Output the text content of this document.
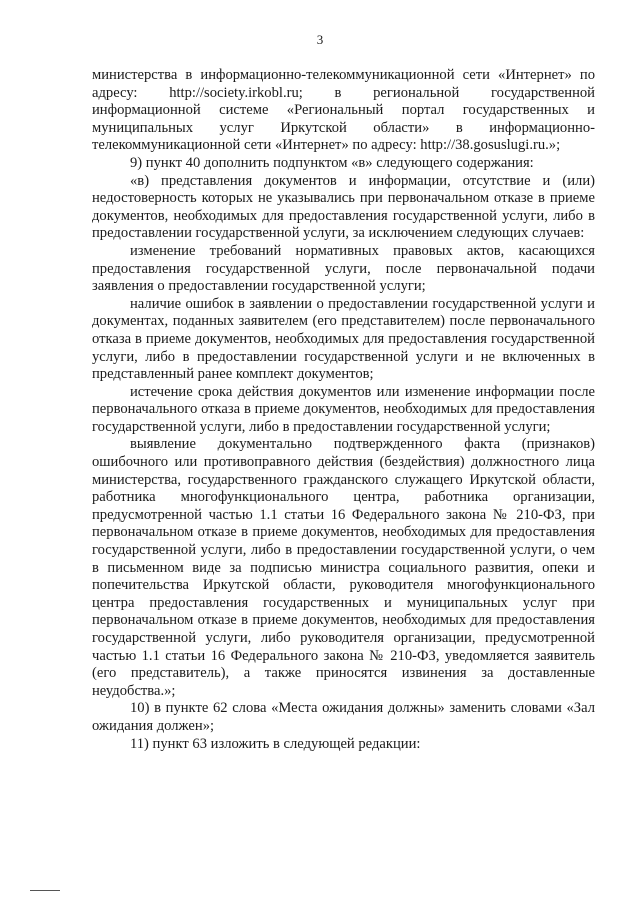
3

министерства в информационно-телекоммуникационной сети «Интернет» по адресу: http://society.irkobl.ru; в региональной государственной информационной системе «Региональный портал государственных и муниципальных услуг Иркутской области» в информационно-телекоммуникационной сети «Интернет» по адресу: http://38.gosuslugi.ru.»;

9) пункт 40 дополнить подпунктом «в» следующего содержания:

«в) представления документов и информации, отсутствие и (или) недостоверность которых не указывались при первоначальном отказе в приеме документов, необходимых для предоставления государственной услуги, либо в предоставлении государственной услуги, за исключением следующих случаев:

изменение требований нормативных правовых актов, касающихся предоставления государственной услуги, после первоначальной подачи заявления о предоставлении государственной услуги;

наличие ошибок в заявлении о предоставлении государственной услуги и документах, поданных заявителем (его представителем) после первоначального отказа в приеме документов, необходимых для предоставления государственной услуги, либо в предоставлении государственной услуги и не включенных в представленный ранее комплект документов;

истечение срока действия документов или изменение информации после первоначального отказа в приеме документов, необходимых для предоставления государственной услуги, либо в предоставлении государственной услуги;

выявление документально подтвержденного факта (признаков) ошибочного или противоправного действия (бездействия) должностного лица министерства, государственного гражданского служащего Иркутской области, работника многофункционального центра, работника организации, предусмотренной частью 1.1 статьи 16 Федерального закона № 210-ФЗ, при первоначальном отказе в приеме документов, необходимых для предоставления государственной услуги, либо в предоставлении государственной услуги, о чем в письменном виде за подписью министра социального развития, опеки и попечительства Иркутской области, руководителя многофункционального центра предоставления государственных и муниципальных услуг при первоначальном отказе в приеме документов, необходимых для предоставления государственной услуги, либо руководителя организации, предусмотренной частью 1.1 статьи 16 Федерального закона № 210-ФЗ, уведомляется заявитель (его представитель), а также приносятся извинения за доставленные неудобства.»;

10) в пункте 62 слова «Места ожидания должны» заменить словами «Зал ожидания должен»;

11) пункт 63 изложить в следующей редакции:
